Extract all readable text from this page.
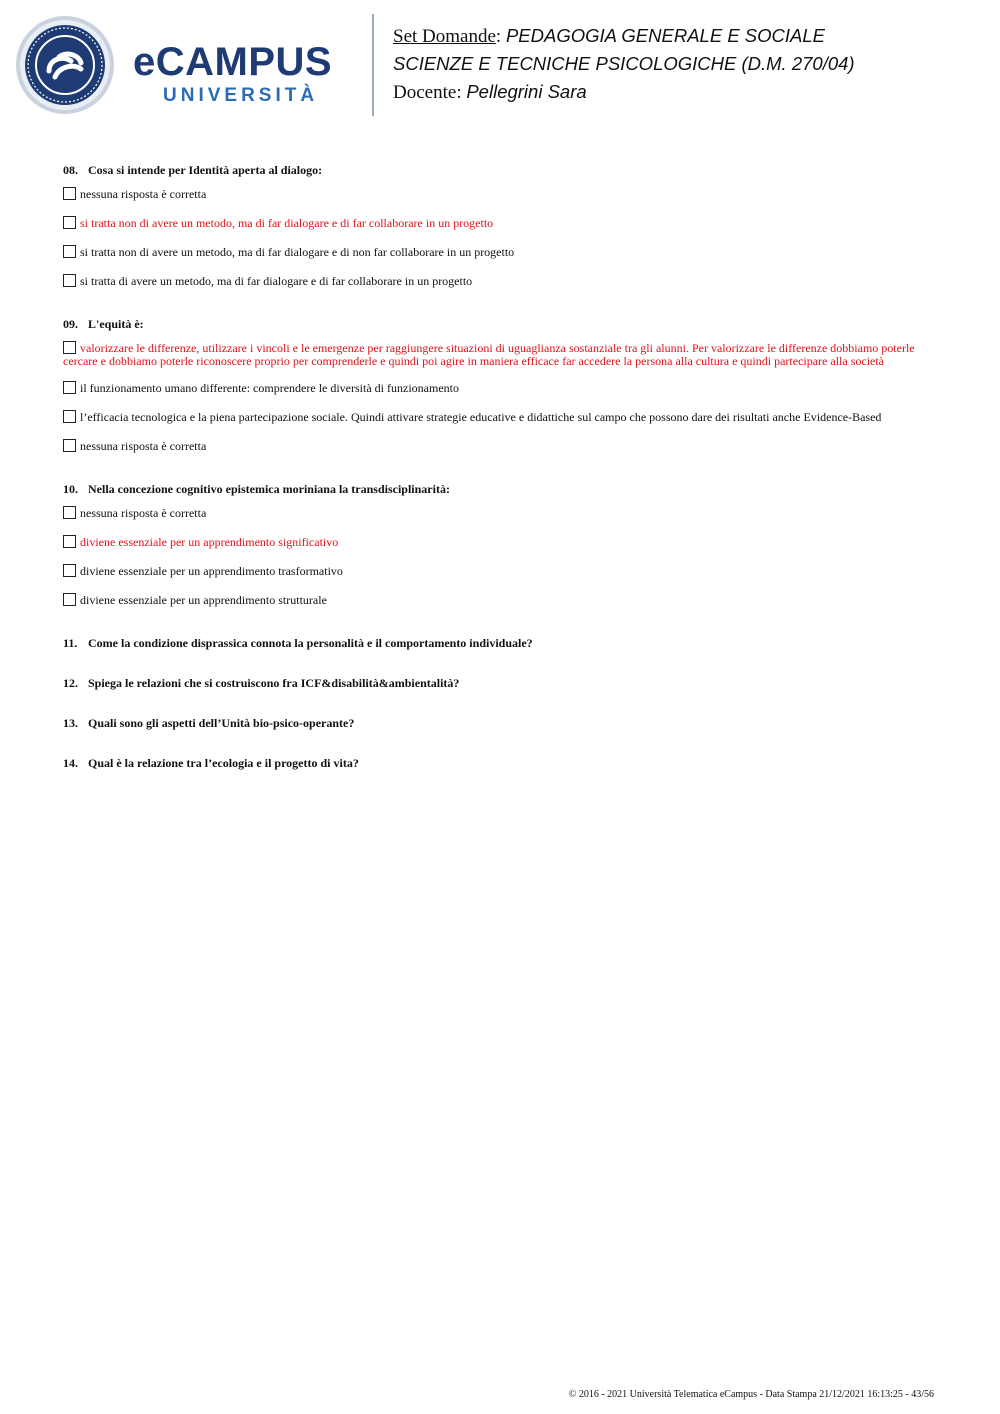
eCAMPUS
UNIVERSITÀ
Set Domande: PEDAGOGIA GENERALE E SOCIALE
SCIENZE E TECNICHE PSICOLOGICHE (D.M. 270/04)
Docente: Pellegrini Sara
08. Cosa si intende per Identità aperta al dialogo:
nessuna risposta è corretta
si tratta non di avere un metodo, ma di far dialogare e di far collaborare in un progetto
si tratta non di avere un metodo, ma di far dialogare e di non far collaborare in un progetto
si tratta di avere un metodo, ma di far dialogare e di far collaborare in un progetto
09. L'equità è:
valorizzare le differenze, utilizzare i vincoli e le emergenze per raggiungere situazioni di uguaglianza sostanziale tra gli alunni. Per valorizzare le differenze dobbiamo poterle cercare e dobbiamo poterle riconoscere proprio per comprenderle e quindi poi agire in maniera efficace far accedere la persona alla cultura e quindi partecipare alla società
il funzionamento umano differente: comprendere le diversità di funzionamento
l’efficacia tecnologica e la piena partecipazione sociale. Quindi attivare strategie educative e didattiche sul campo che possono dare dei risultati anche Evidence-Based
nessuna risposta è corretta
10. Nella concezione cognitivo epistemica moriniana la transdisciplinarità:
nessuna risposta è corretta
diviene essenziale per un apprendimento significativo
diviene essenziale per un apprendimento trasformativo
diviene essenziale per un apprendimento strutturale
11. Come la condizione disprassica connota la personalità e il comportamento individuale?
12. Spiega le relazioni che si costruiscono fra ICF&disabilità&ambientalità?
13. Quali sono gli aspetti dell’Unità bio-psico-operante?
14. Qual è la relazione tra l’ecologia e il progetto di vita?
© 2016 - 2021 Università Telematica eCampus - Data Stampa 21/12/2021 16:13:25 - 43/56
